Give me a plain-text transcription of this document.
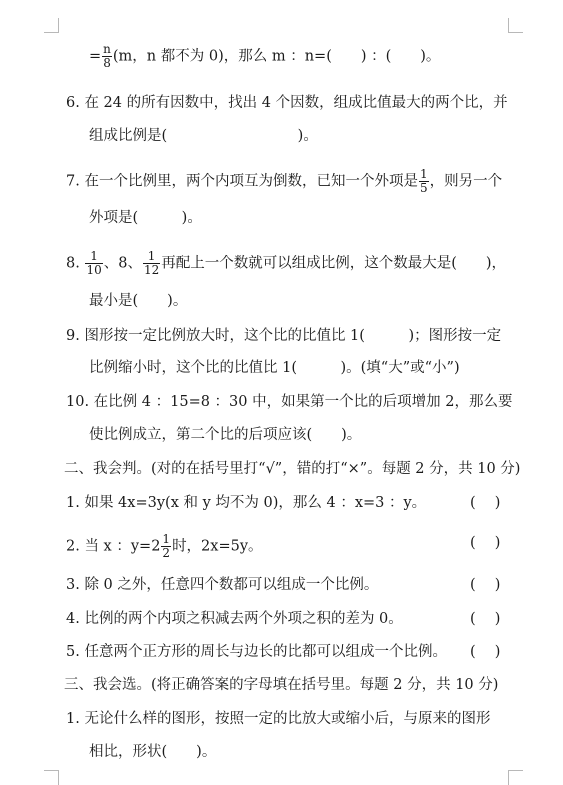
= $\frac{n}{8} (m$，n 都不为 0)，那么 m ：n=(　　) ：(　　)。
6. 在 24 的所有因数中，找出 4 个因数，组成比值最大的两个比，并
组成比例是(　　　　　　　　　)。
7. 在一个比例里，两个内项互为倒数，已知一个外项是 $\frac{1}{5}$ ，则另一个
外项是(　　　)。
8. $\frac{1}{10}$ 、8、 $\frac{1}{12}$ 再配上一个数就可以组成比例，这个数最大是(　　)，
最小是(　　)。
9. 图形按一定比例放大时，这个比的比值比 1(　　　)；图形按一定
比例缩小时，这个比的比值比 1(　　　)。(填“大”或“小”)
10. 在比例 4 ：15=8 ：30 中，如果第一个比的后项增加 2，那么要
使比例成立，第二个比的后项应该(　　)。
二、我会判。(对的在括号里打“√”，错的打“×”。每题 2 分，共 10 分)
1. 如果 4x=3y(x 和 y 均不为 0)，那么 4 ：x=3 ：y。	(　 )
2. 当 x ：$y=2 \frac{1}{2}$ 时，2x=5y。	(　 )
3. 除 0 之外，任意四个数都可以组成一个比例。	(　 )
4. 比例的两个内项之积减去两个外项之积的差为 0。	(　 )
5. 任意两个正方形的周长与边长的比都可以组成一个比例。 (　 )
三、我会选。(将正确答案的字母填在括号里。每题 2 分，共 10 分)
1. 无论什么样的图形，按照一定的比放大或缩小后，与原来的图形
相比，形状(　　)。
